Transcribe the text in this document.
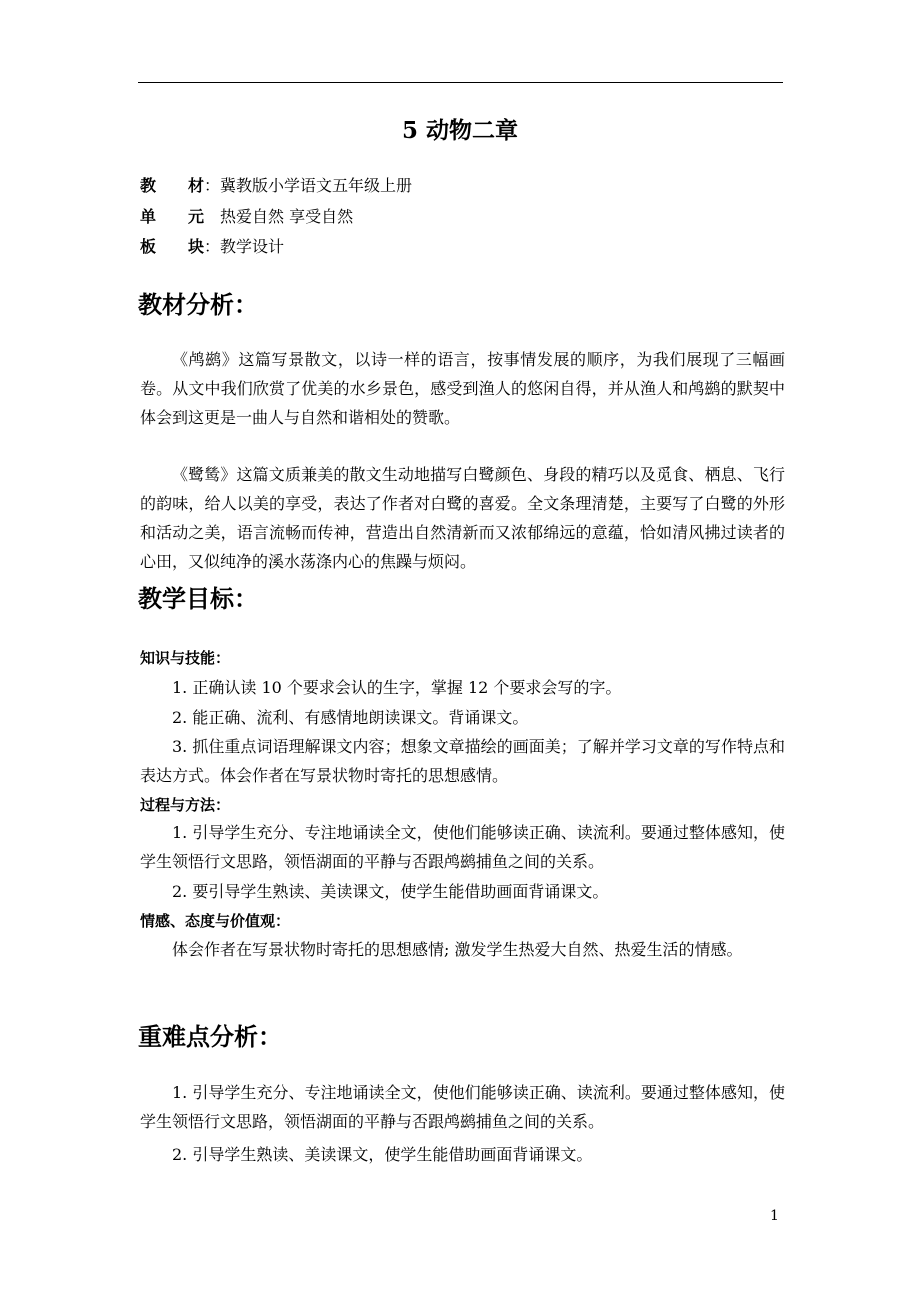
5 动物二章
教 材：冀教版小学语文五年级上册
单 元 热爱自然 享受自然
板 块：教学设计
教材分析：

《鸬鹚》这篇写景散文，以诗一样的语言，按事情发展的顺序，为我们展现了三幅画卷。从文中我们欣赏了优美的水乡景色，感受到渔人的悠闲自得，并从渔人和鸬鹚的默契中体会到这更是一曲人与自然和谐相处的赞歌。

《鹭鸶》这篇文质兼美的散文生动地描写白鹭颜色、身段的精巧以及觅食、栖息、飞行的韵味，给人以美的享受，表达了作者对白鹭的喜爱。全文条理清楚，主要写了白鹭的外形和活动之美，语言流畅而传神，营造出自然清新而又浓郁绵远的意蕴，恰如清风拂过读者的心田，又似纯净的溪水荡涤内心的焦躁与烦闷。

教学目标：
知识与技能：

1. 正确认读 10 个要求会认的生字，掌握 12 个要求会写的字。

2. 能正确、流利、有感情地朗读课文。背诵课文。

3. 抓住重点词语理解课文内容；想象文章描绘的画面美；了解并学习文章的写作特点和表达方式。体会作者在写景状物时寄托的思想感情。

过程与方法：

1. 引导学生充分、专注地诵读全文，使他们能够读正确、读流利。要通过整体感知，使学生领悟行文思路，领悟湖面的平静与否跟鸬鹚捕鱼之间的关系。

2. 要引导学生熟读、美读课文，使学生能借助画面背诵课文。

情感、态度与价值观：

体会作者在写景状物时寄托的思想感情; 激发学生热爱大自然、热爱生活的情感。

重难点分析：

1. 引导学生充分、专注地诵读全文，使他们能够读正确、读流利。要通过整体感知，使学生领悟行文思路，领悟湖面的平静与否跟鸬鹚捕鱼之间的关系。

2. 引导学生熟读、美读课文，使学生能借助画面背诵课文。

1
